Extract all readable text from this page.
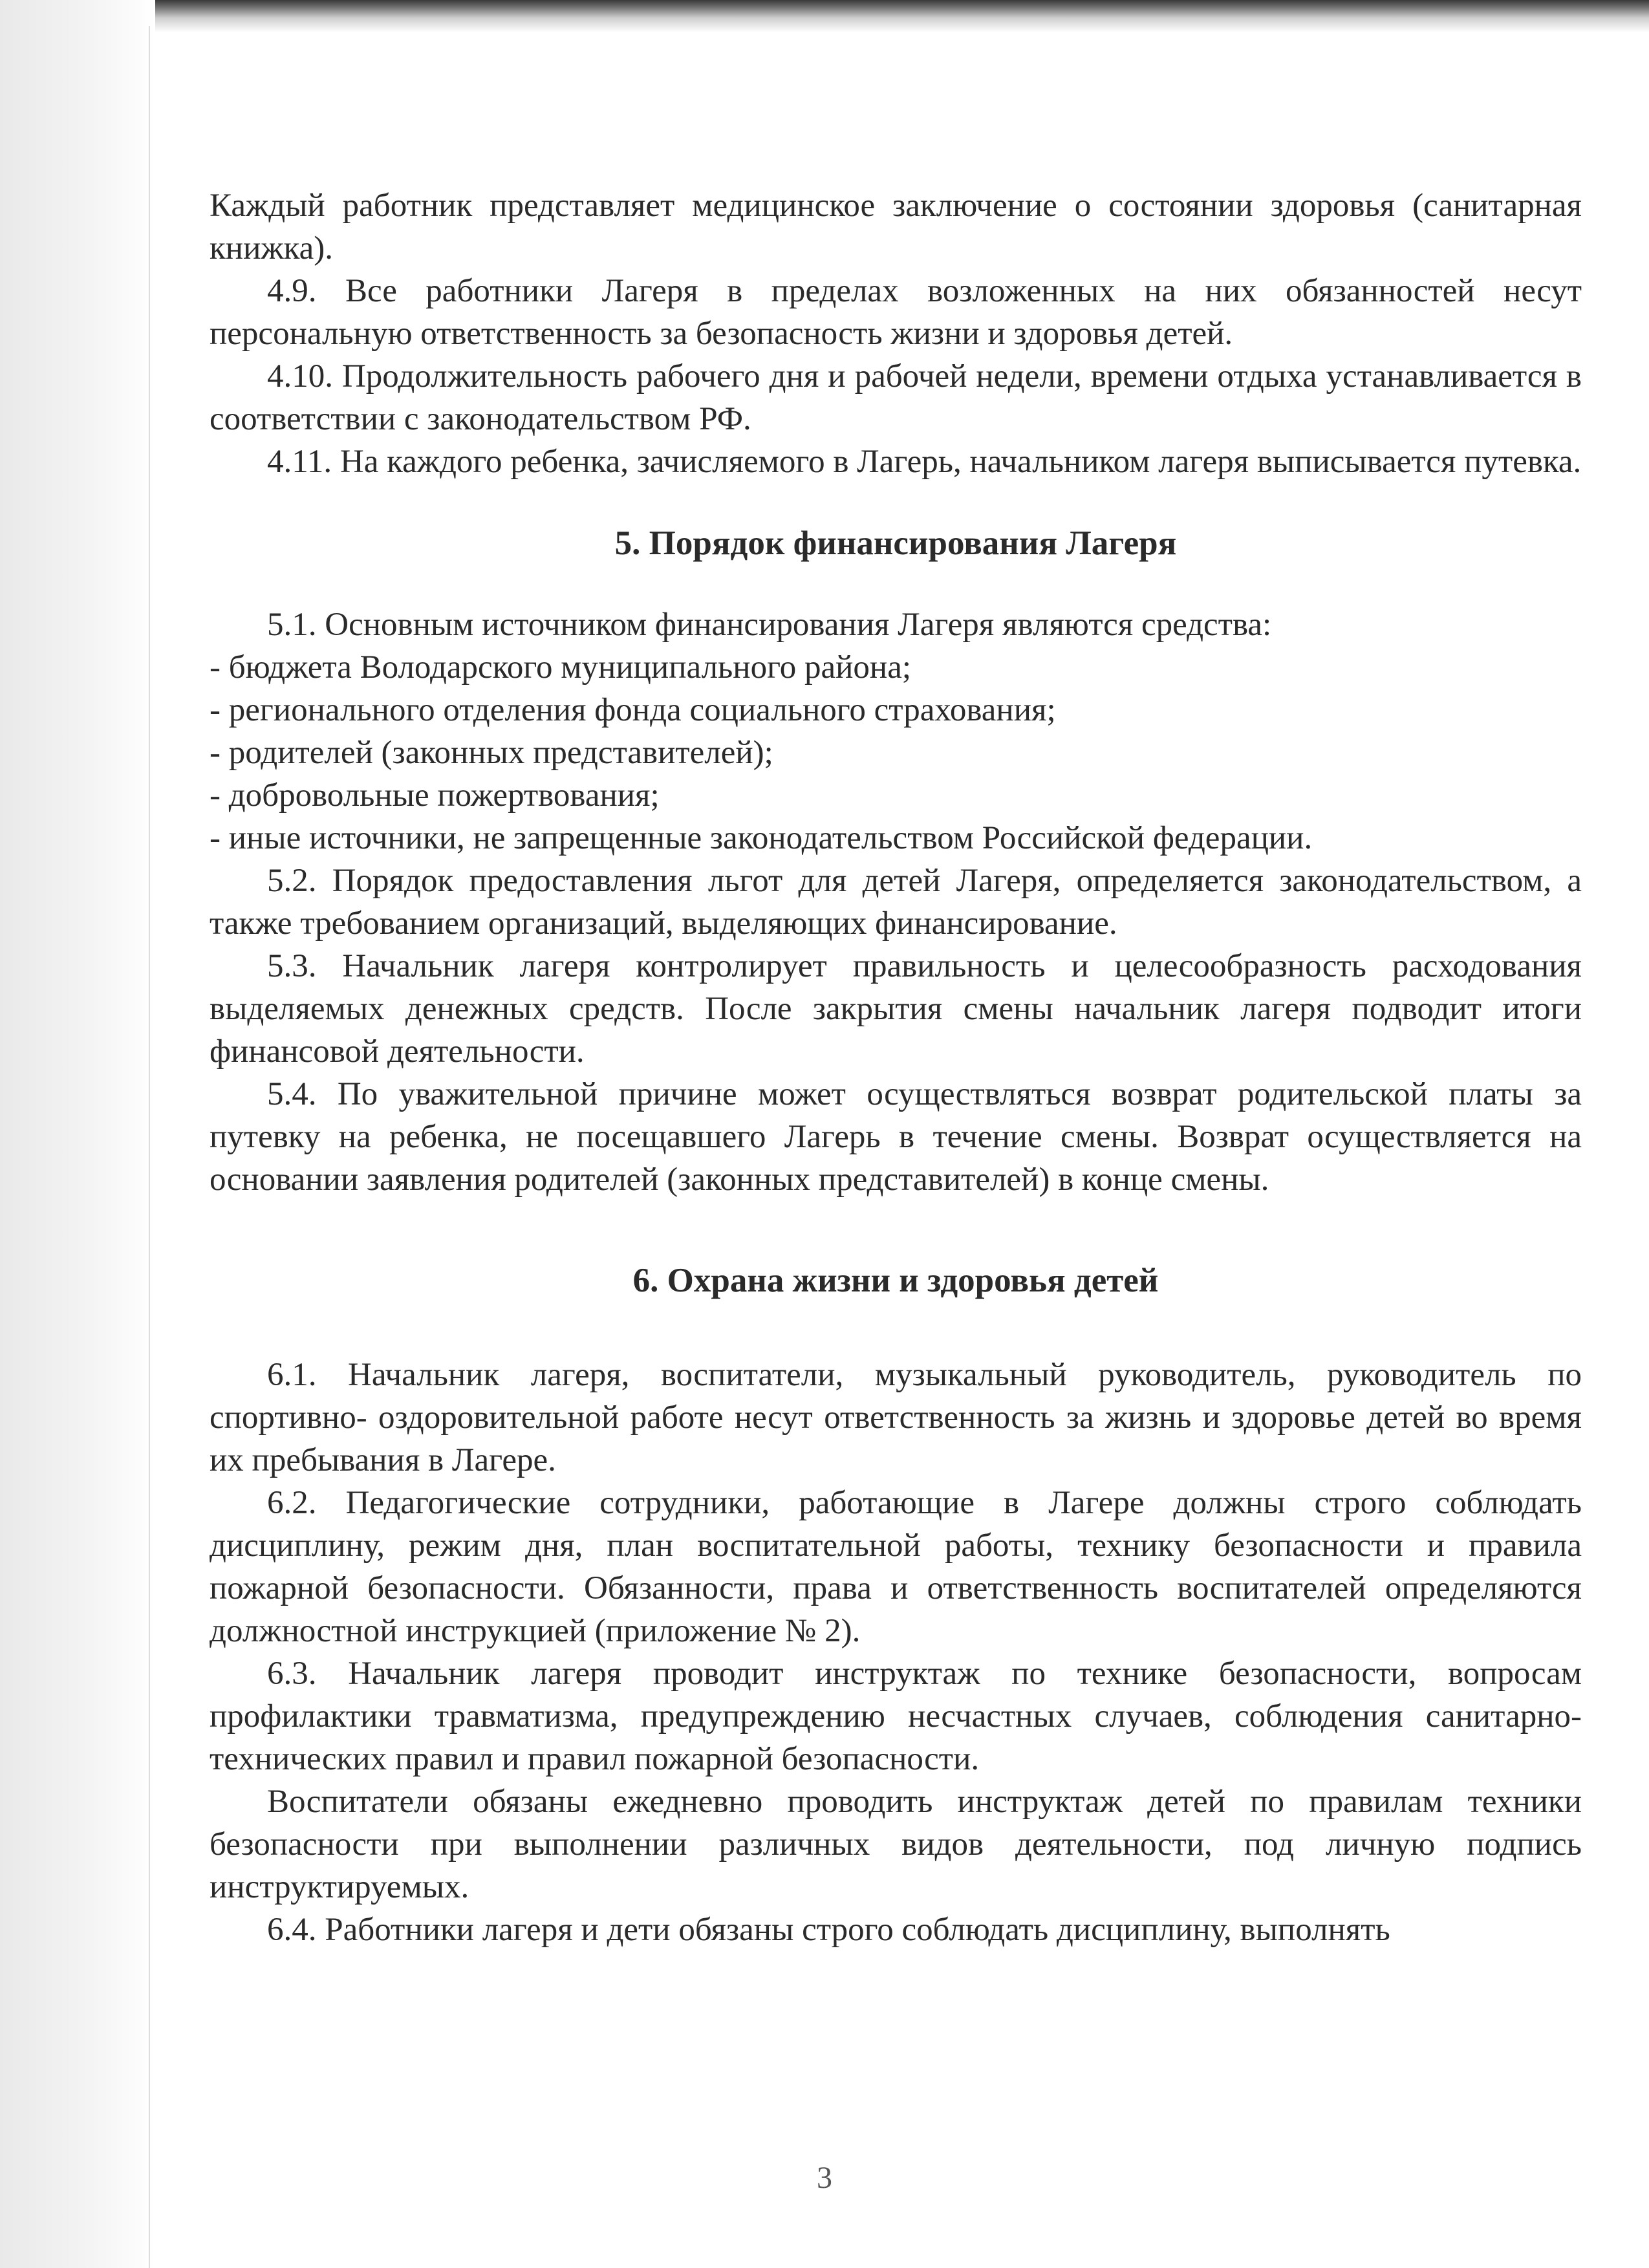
Каждый работник представляет медицинское заключение о состоянии здоровья (санитарная книжка).

4.9. Все работники Лагеря в пределах возложенных на них обязанностей несут персональную ответственность за безопасность жизни и здоровья детей.

4.10. Продолжительность рабочего дня и рабочей недели, времени отдыха устанавливается в соответствии с законодательством РФ.

4.11. На каждого ребенка, зачисляемого в Лагерь, начальником лагеря выписывается путевка.

5. Порядок финансирования Лагеря

5.1. Основным источником финансирования Лагеря являются средства:

- бюджета Володарского муниципального района;

- регионального отделения фонда социального страхования;

- родителей (законных представителей);

- добровольные пожертвования;

- иные источники, не запрещенные законодательством Российской федерации.

5.2. Порядок предоставления льгот для детей Лагеря, определяется законодательством, а также требованием организаций, выделяющих финансирование.

5.3. Начальник лагеря контролирует правильность и целесообразность расходования выделяемых денежных средств. После закрытия смены начальник лагеря подводит итоги финансовой деятельности.

5.4. По уважительной причине может осуществляться возврат родительской платы за путевку на ребенка, не посещавшего Лагерь в течение смены. Возврат осуществляется на основании заявления родителей (законных представителей) в конце смены.

6. Охрана жизни и здоровья детей

6.1. Начальник лагеря, воспитатели, музыкальный руководитель, руководитель по спортивно- оздоровительной работе несут ответственность за жизнь и здоровье детей во время их пребывания в Лагере.

6.2. Педагогические сотрудники, работающие в Лагере должны строго соблюдать дисциплину, режим дня, план воспитательной работы, технику безопасности и правила пожарной безопасности. Обязанности, права и ответственность воспитателей определяются должностной инструкцией (приложение № 2).

6.3. Начальник лагеря проводит инструктаж по технике безопасности, вопросам профилактики травматизма, предупреждению несчастных случаев, соблюдения санитарно- технических правил и правил пожарной безопасности.

Воспитатели обязаны ежедневно проводить инструктаж детей по правилам техники безопасности при выполнении различных видов деятельности, под личную подпись инструктируемых.

6.4. Работники лагеря и дети обязаны строго соблюдать дисциплину, выполнять

3
